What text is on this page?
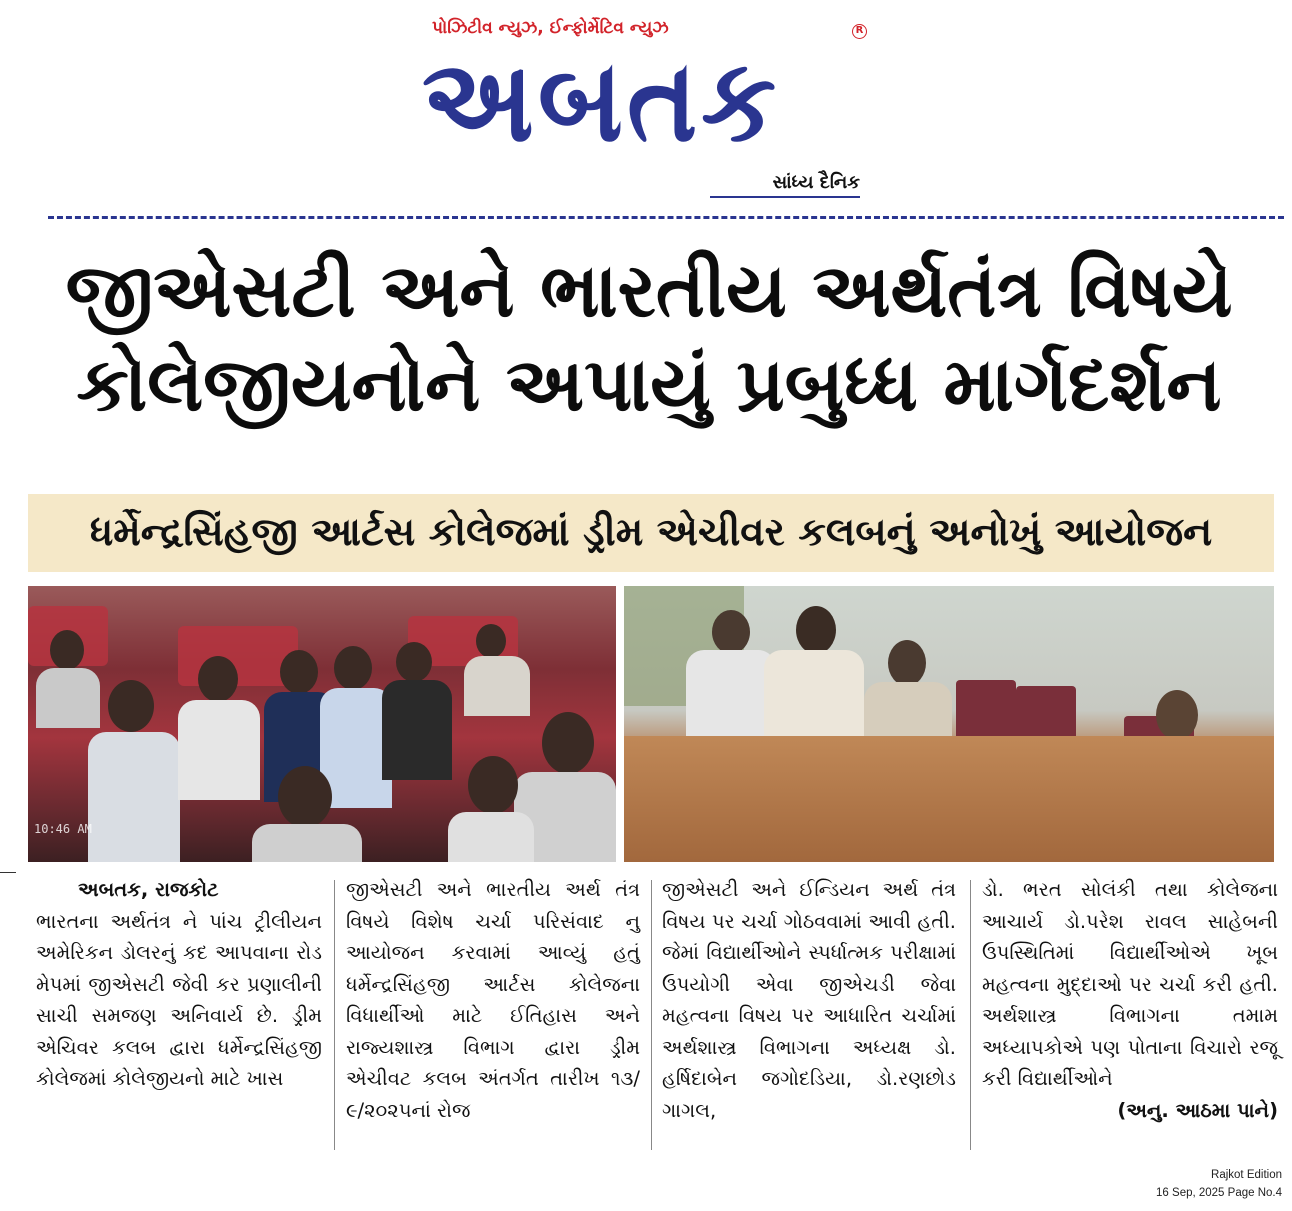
પોઝિટીવ ન્યુઝ, ઈન્ફોર્મેટિવ ન્યુઝ	R
અબતક
સાંધ્ય દૈનિક
જીએસટી અને ભારતીય અર્થતંત્ર વિષયે કોલેજીયનોને અપાયું પ્રબુધ્ધ માર્ગદર્શન
ધર્મેન્દ્રસિંહજી આર્ટસ કોલેજમાં ડ્રીમ એચીવર કલબનું અનોખું આયોજન
10:46 AM
અબતક, રાજકોટ
ભારતના અર્થતંત્ર ને પાંચ ટ્રીલીયન અમેરિકન ડોલરનું કદ આપવાના રોડ મેપમાં જીએસટી જેવી કર પ્રણાલીની સાચી સમજણ અનિવાર્ય છે. ડ્રીમ એચિવર કલબ દ્વારા ધર્મેન્દ્રસિંહજી કોલેજમાં કોલેજીયનો માટે ખાસ
જીએસટી અને ભારતીય અર્થ તંત્ર વિષયે વિશેષ ચર્ચા પરિસંવાદ નુ આયોજન કરવામાં આવ્યું હતું ધર્મેન્દ્રસિંહજી આર્ટસ કોલેજના વિધાર્થીઓ માટે ઈતિહાસ અને રાજ્યશાસ્ત્ર વિભાગ દ્વારા ડ્રીમ એચીવટ કલબ અંતર્ગત તારીખ ૧૩/ ૯/૨૦૨૫નાં રોજ
જીએસટી અને ઈન્ડિયન અર્થ તંત્ર વિષય પર ચર્ચા ગોઠવવામાં આવી હતી. જેમાં વિદ્યાર્થીઓને સ્પર્ધાત્મક પરીક્ષામાં ઉપયોગી એવા જીએચડી જેવા મહત્વના વિષય પર આધારિત ચર્ચામાં અર્થશાસ્ત્ર વિભાગના અધ્યક્ષ ડો. હર્ષિદાબેન જગોદડિયા, ડો.રણછોડ ગાગલ,
ડો. ભરત સોલંકી તથા કોલેજના આચાર્ય ડો.પરેશ રાવલ સાહેબની ઉપસ્થિતિમાં વિદ્યાર્થીઓએ ખૂબ મહત્વના મુદ્દાઓ પર ચર્ચા કરી હતી. અર્થશાસ્ત્ર વિભાગના તમામ અધ્યાપકોએ પણ પોતાના વિચારો રજૂ કરી વિદ્યાર્થીઓને
(અનુ. આઠમા પાને)
Rajkot Edition
16 Sep, 2025 Page No.4
